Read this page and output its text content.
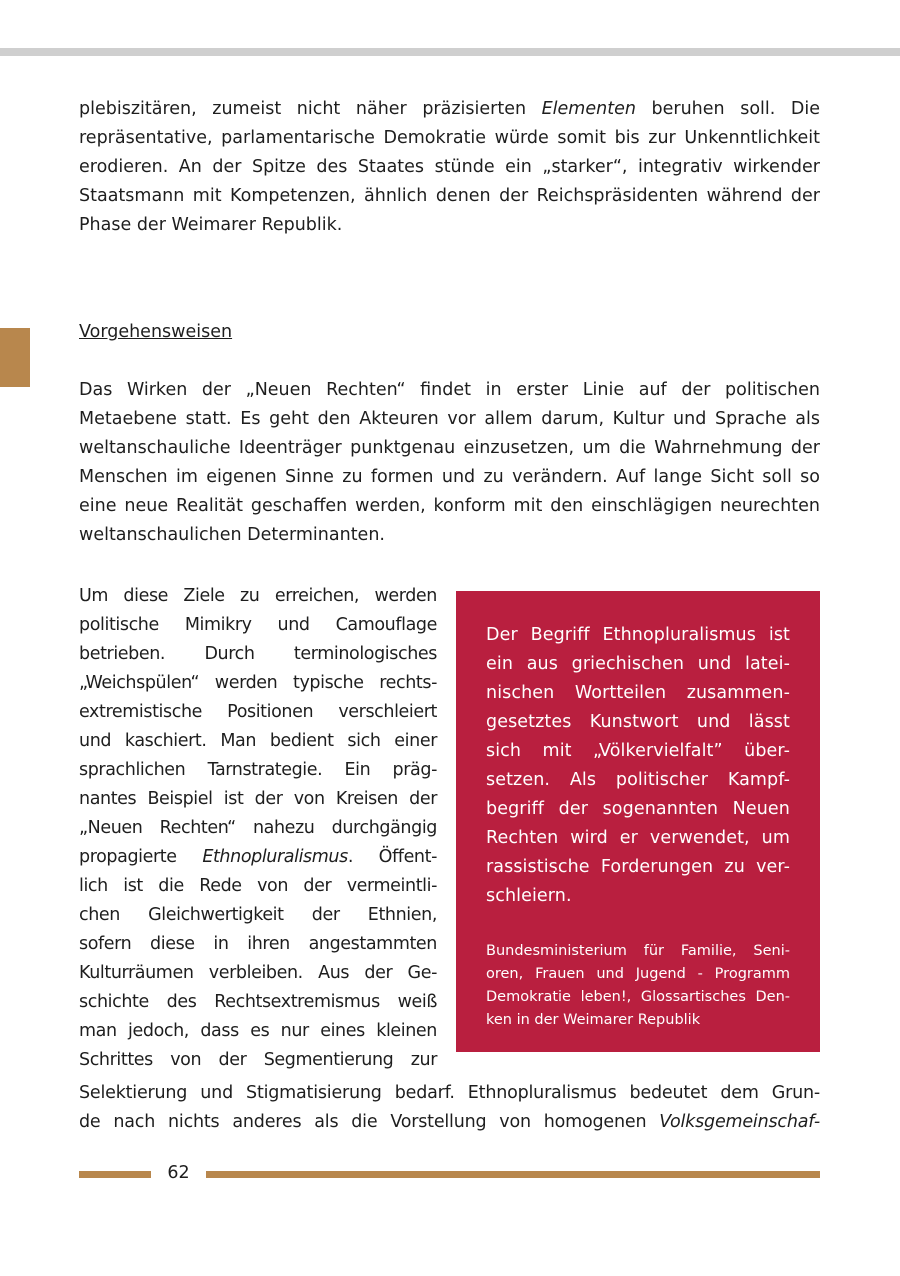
plebiszitären, zumeist nicht näher präzisierten Elementen beruhen soll. Die repräsentative, parlamentarische Demokratie würde somit bis zur Unkenntlichkeit erodieren. An der Spitze des Staates stünde ein „starker“, integrativ wirkender Staatsmann mit Kompetenzen, ähnlich denen der Reichspräsidenten während der Phase der Weimarer Republik.

Vorgehensweisen

Das Wirken der „Neuen Rechten“ findet in erster Linie auf der politischen Metaebene statt. Es geht den Akteuren vor allem darum, Kultur und Sprache als weltanschauliche Ideenträger punktgenau einzusetzen, um die Wahrnehmung der Menschen im eigenen Sinne zu formen und zu verändern. Auf lange Sicht soll so eine neue Realität geschaffen werden, konform mit den einschlägigen neurechten weltanschaulichen Determinanten.

Um diese Ziele zu erreichen, werden
politische Mimikry und Camouflage
betrieben. Durch terminologisches
„Weichspülen“ werden typische rechts-
extremistische Positionen verschleiert
und kaschiert. Man bedient sich einer
sprachlichen Tarnstrategie. Ein präg-
nantes Beispiel ist der von Kreisen der
„Neuen Rechten“ nahezu durchgängig
propagierte Ethnopluralismus. Öffent-
lich ist die Rede von der vermeintli-
chen Gleichwertigkeit der Ethnien,
sofern diese in ihren angestammten
Kulturräumen verbleiben. Aus der Ge-
schichte des Rechtsextremismus weiß
man jedoch, dass es nur eines kleinen
Schrittes von der Segmentierung zur
Der Begriff Ethnopluralismus ist
ein aus griechischen und latei-
nischen Wortteilen zusammen-
gesetztes Kunstwort und lässt
sich mit „Völkervielfalt” über-
setzen. Als politischer Kampf-
begriff der sogenannten Neuen
Rechten wird er verwendet, um
rassistische Forderungen zu ver-
schleiern.
Bundesministerium für Familie, Seni-
oren, Frauen und Jugend - Programm
Demokratie leben!, Glossartisches Den-
ken in der Weimarer Republik
Selektierung und Stigmatisierung bedarf. Ethnopluralismus bedeutet dem Grun-
de nach nichts anderes als die Vorstellung von homogenen Volksgemeinschaf-
62
